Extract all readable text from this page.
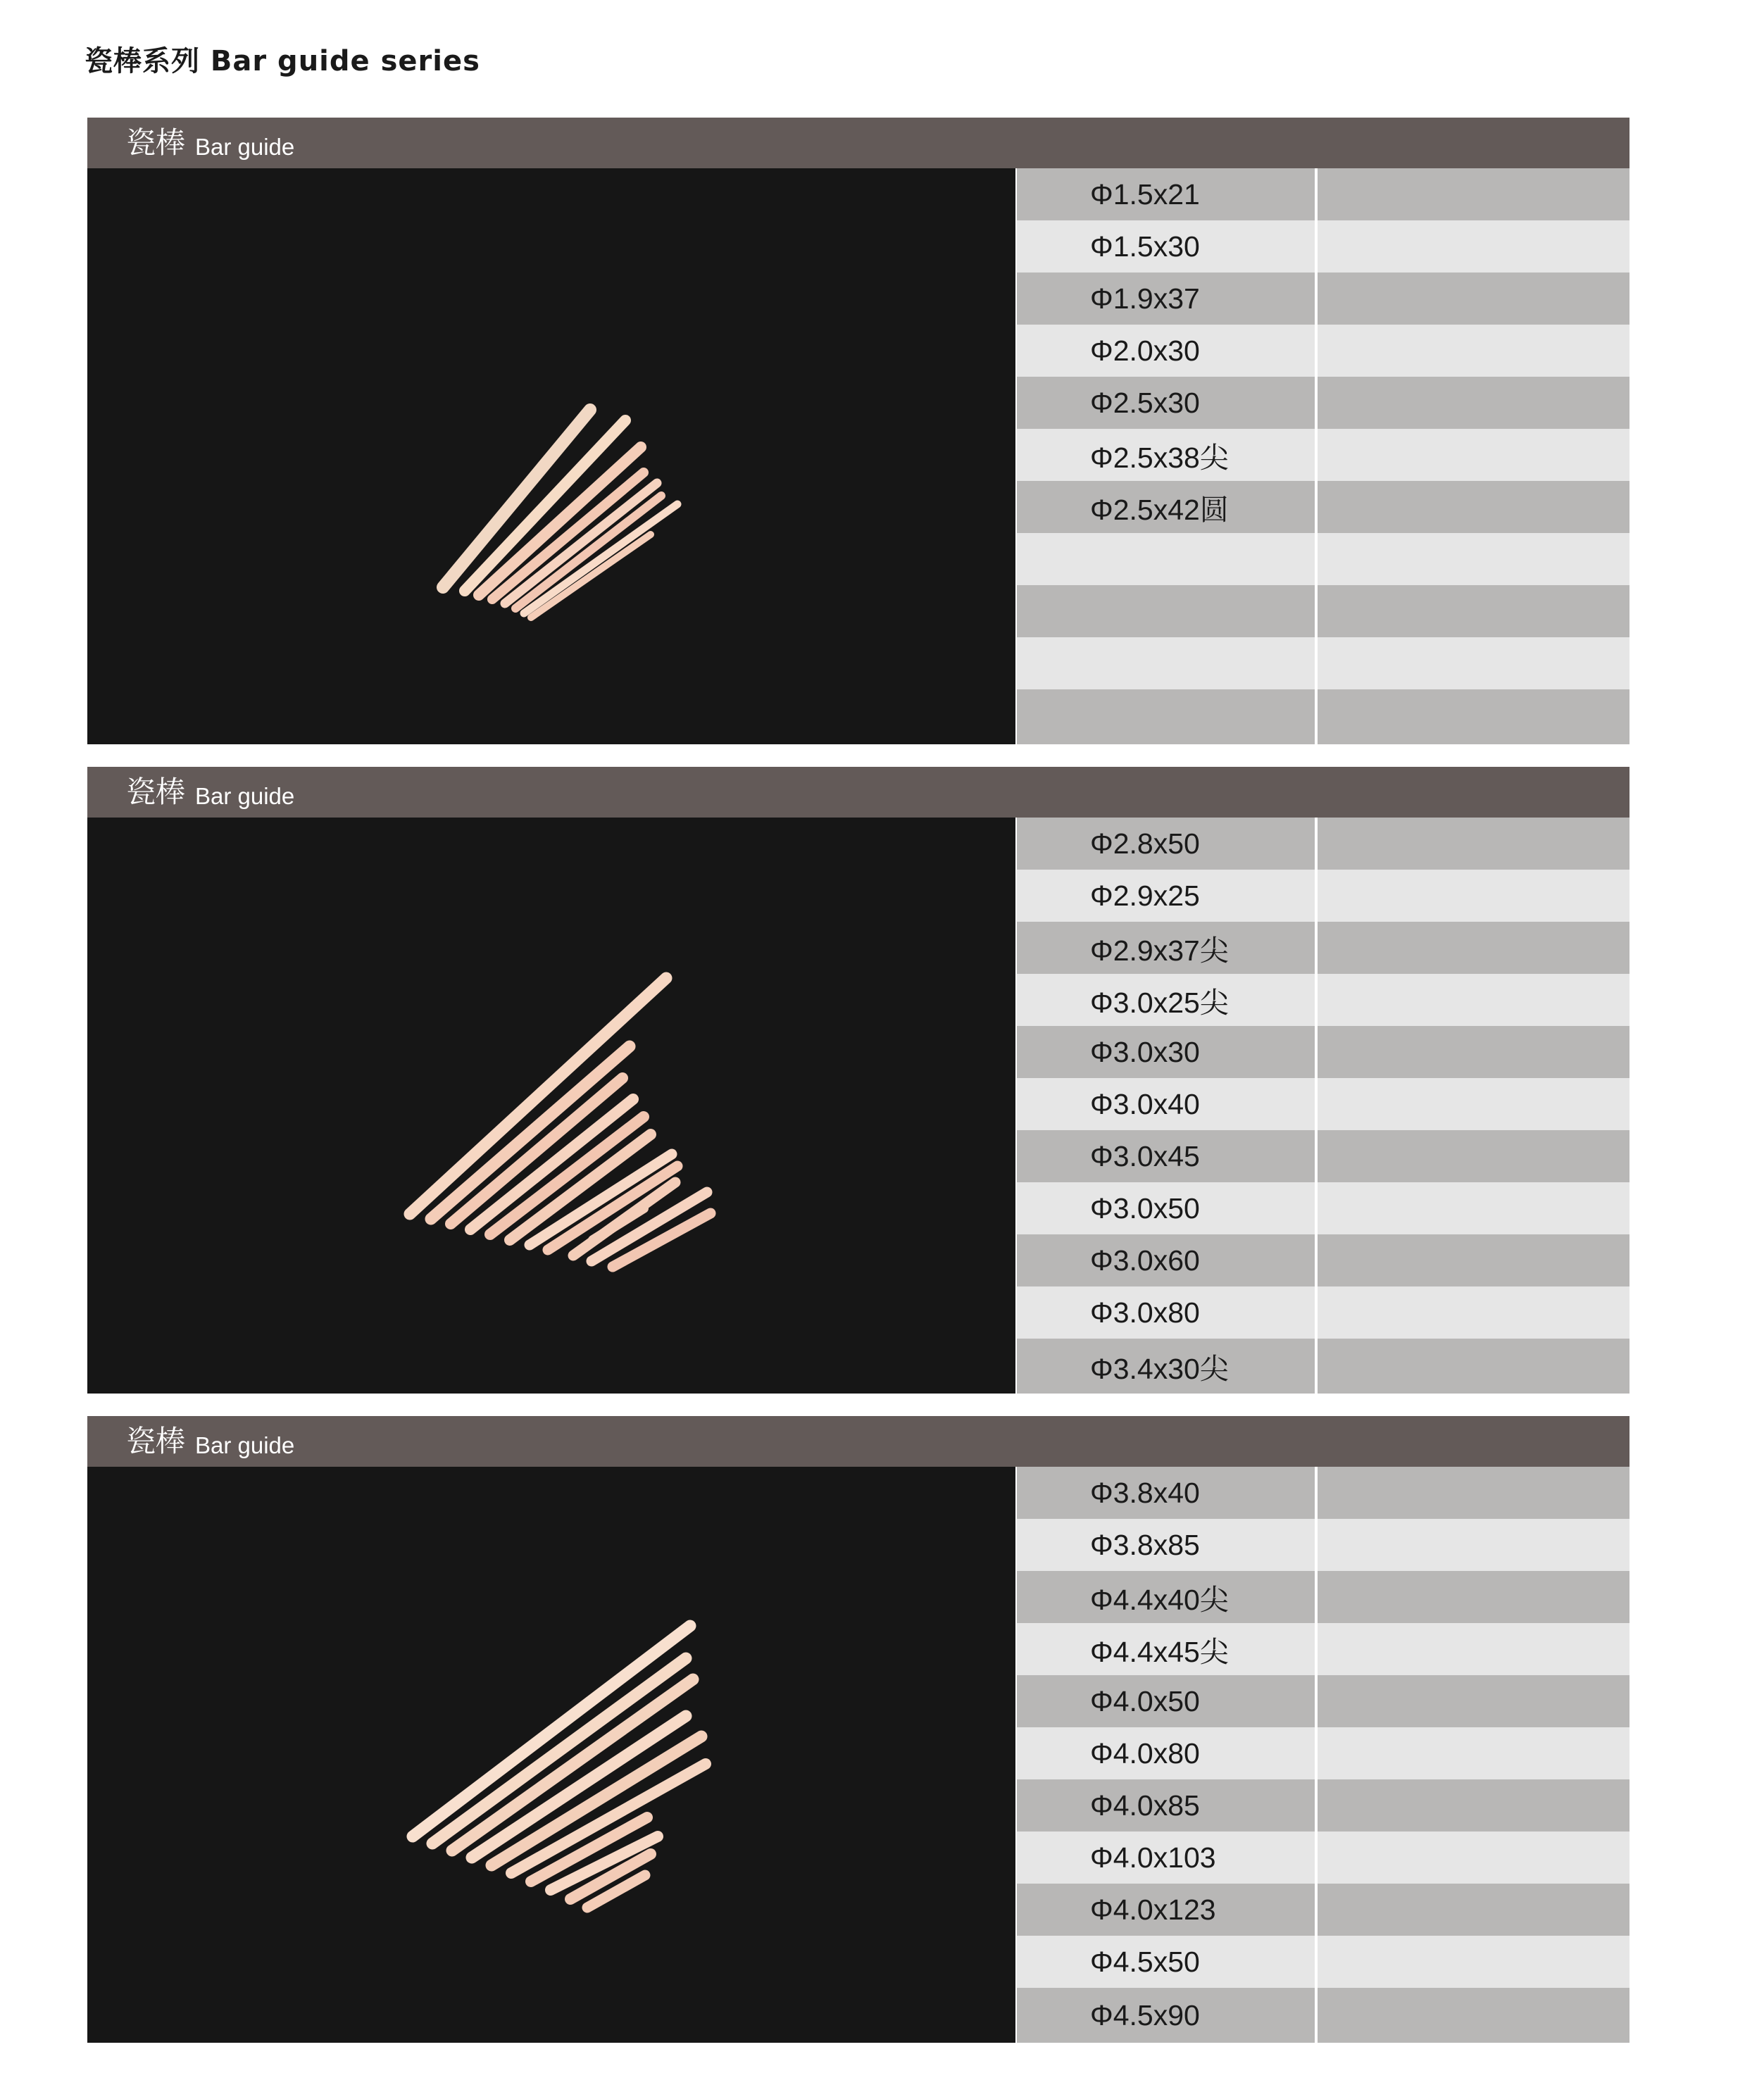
瓷棒系列 Bar guide series
瓷棒 Bar guide
Φ1.5x21
Φ1.5x30
Φ1.9x37
Φ2.0x30
Φ2.5x30
Φ2.5x38尖
Φ2.5x42圆
瓷棒 Bar guide
Φ2.8x50
Φ2.9x25
Φ2.9x37尖
Φ3.0x25尖
Φ3.0x30
Φ3.0x40
Φ3.0x45
Φ3.0x50
Φ3.0x60
Φ3.0x80
Φ3.4x30尖
瓷棒 Bar guide
Φ3.8x40
Φ3.8x85
Φ4.4x40尖
Φ4.4x45尖
Φ4.0x50
Φ4.0x80
Φ4.0x85
Φ4.0x103
Φ4.0x123
Φ4.5x50
Φ4.5x90
